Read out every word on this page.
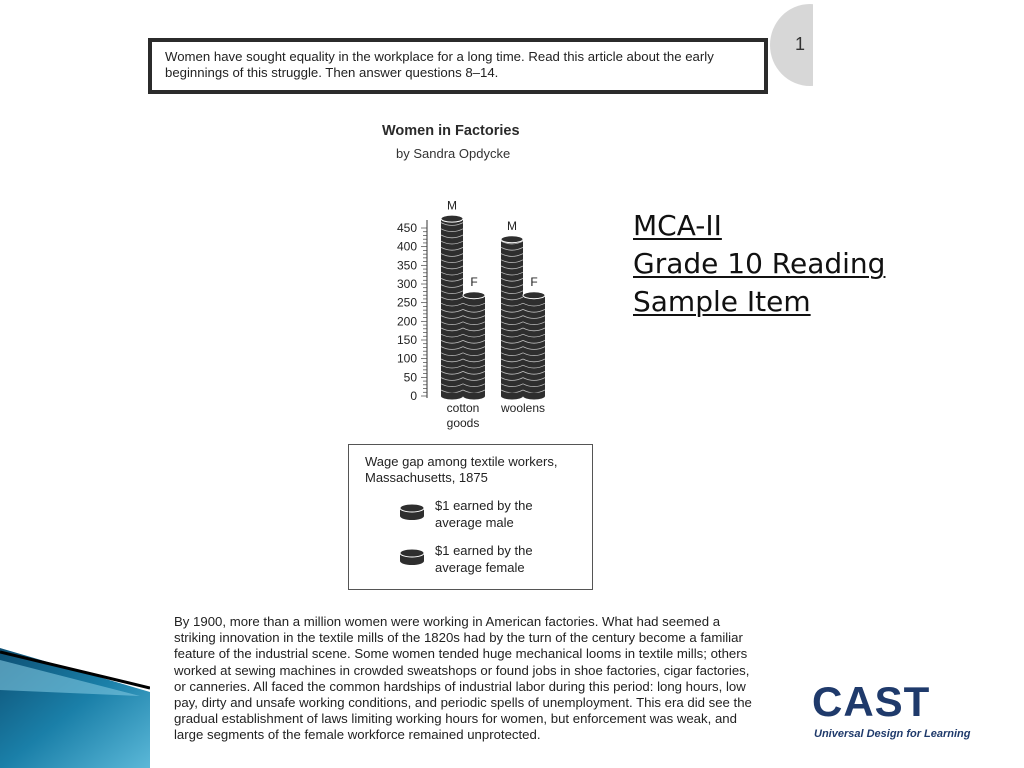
1
Women have sought equality in the workplace for a long time. Read this article about the early beginnings of this struggle. Then answer questions 8–14.
Women in Factories
by Sandra Opdycke
MCA-II
Grade 10 Reading
Sample Item
0
50
100
150
200
250
300
350
400
450
M
F
cotton
goods
M
F
woolens
Wage gap among textile workers, Massachusetts, 1875
$1 earned by the
average male
$1 earned by the
average female
By 1900, more than a million women were working in American factories. What had seemed a striking innovation in the textile mills of the 1820s had by the turn of the century become a familiar feature of the industrial scene. Some women tended huge mechanical looms in textile mills; others worked at sewing machines in crowded sweatshops or found jobs in shoe factories, cigar factories, or canneries. All faced the common hardships of industrial labor during this period: long hours, low pay, dirty and unsafe working conditions, and periodic spells of unemployment. This era did see the gradual establishment of laws limiting working hours for women, but enforcement was weak, and large segments of the female workforce remained unprotected.
CAST
Universal Design for Learning
